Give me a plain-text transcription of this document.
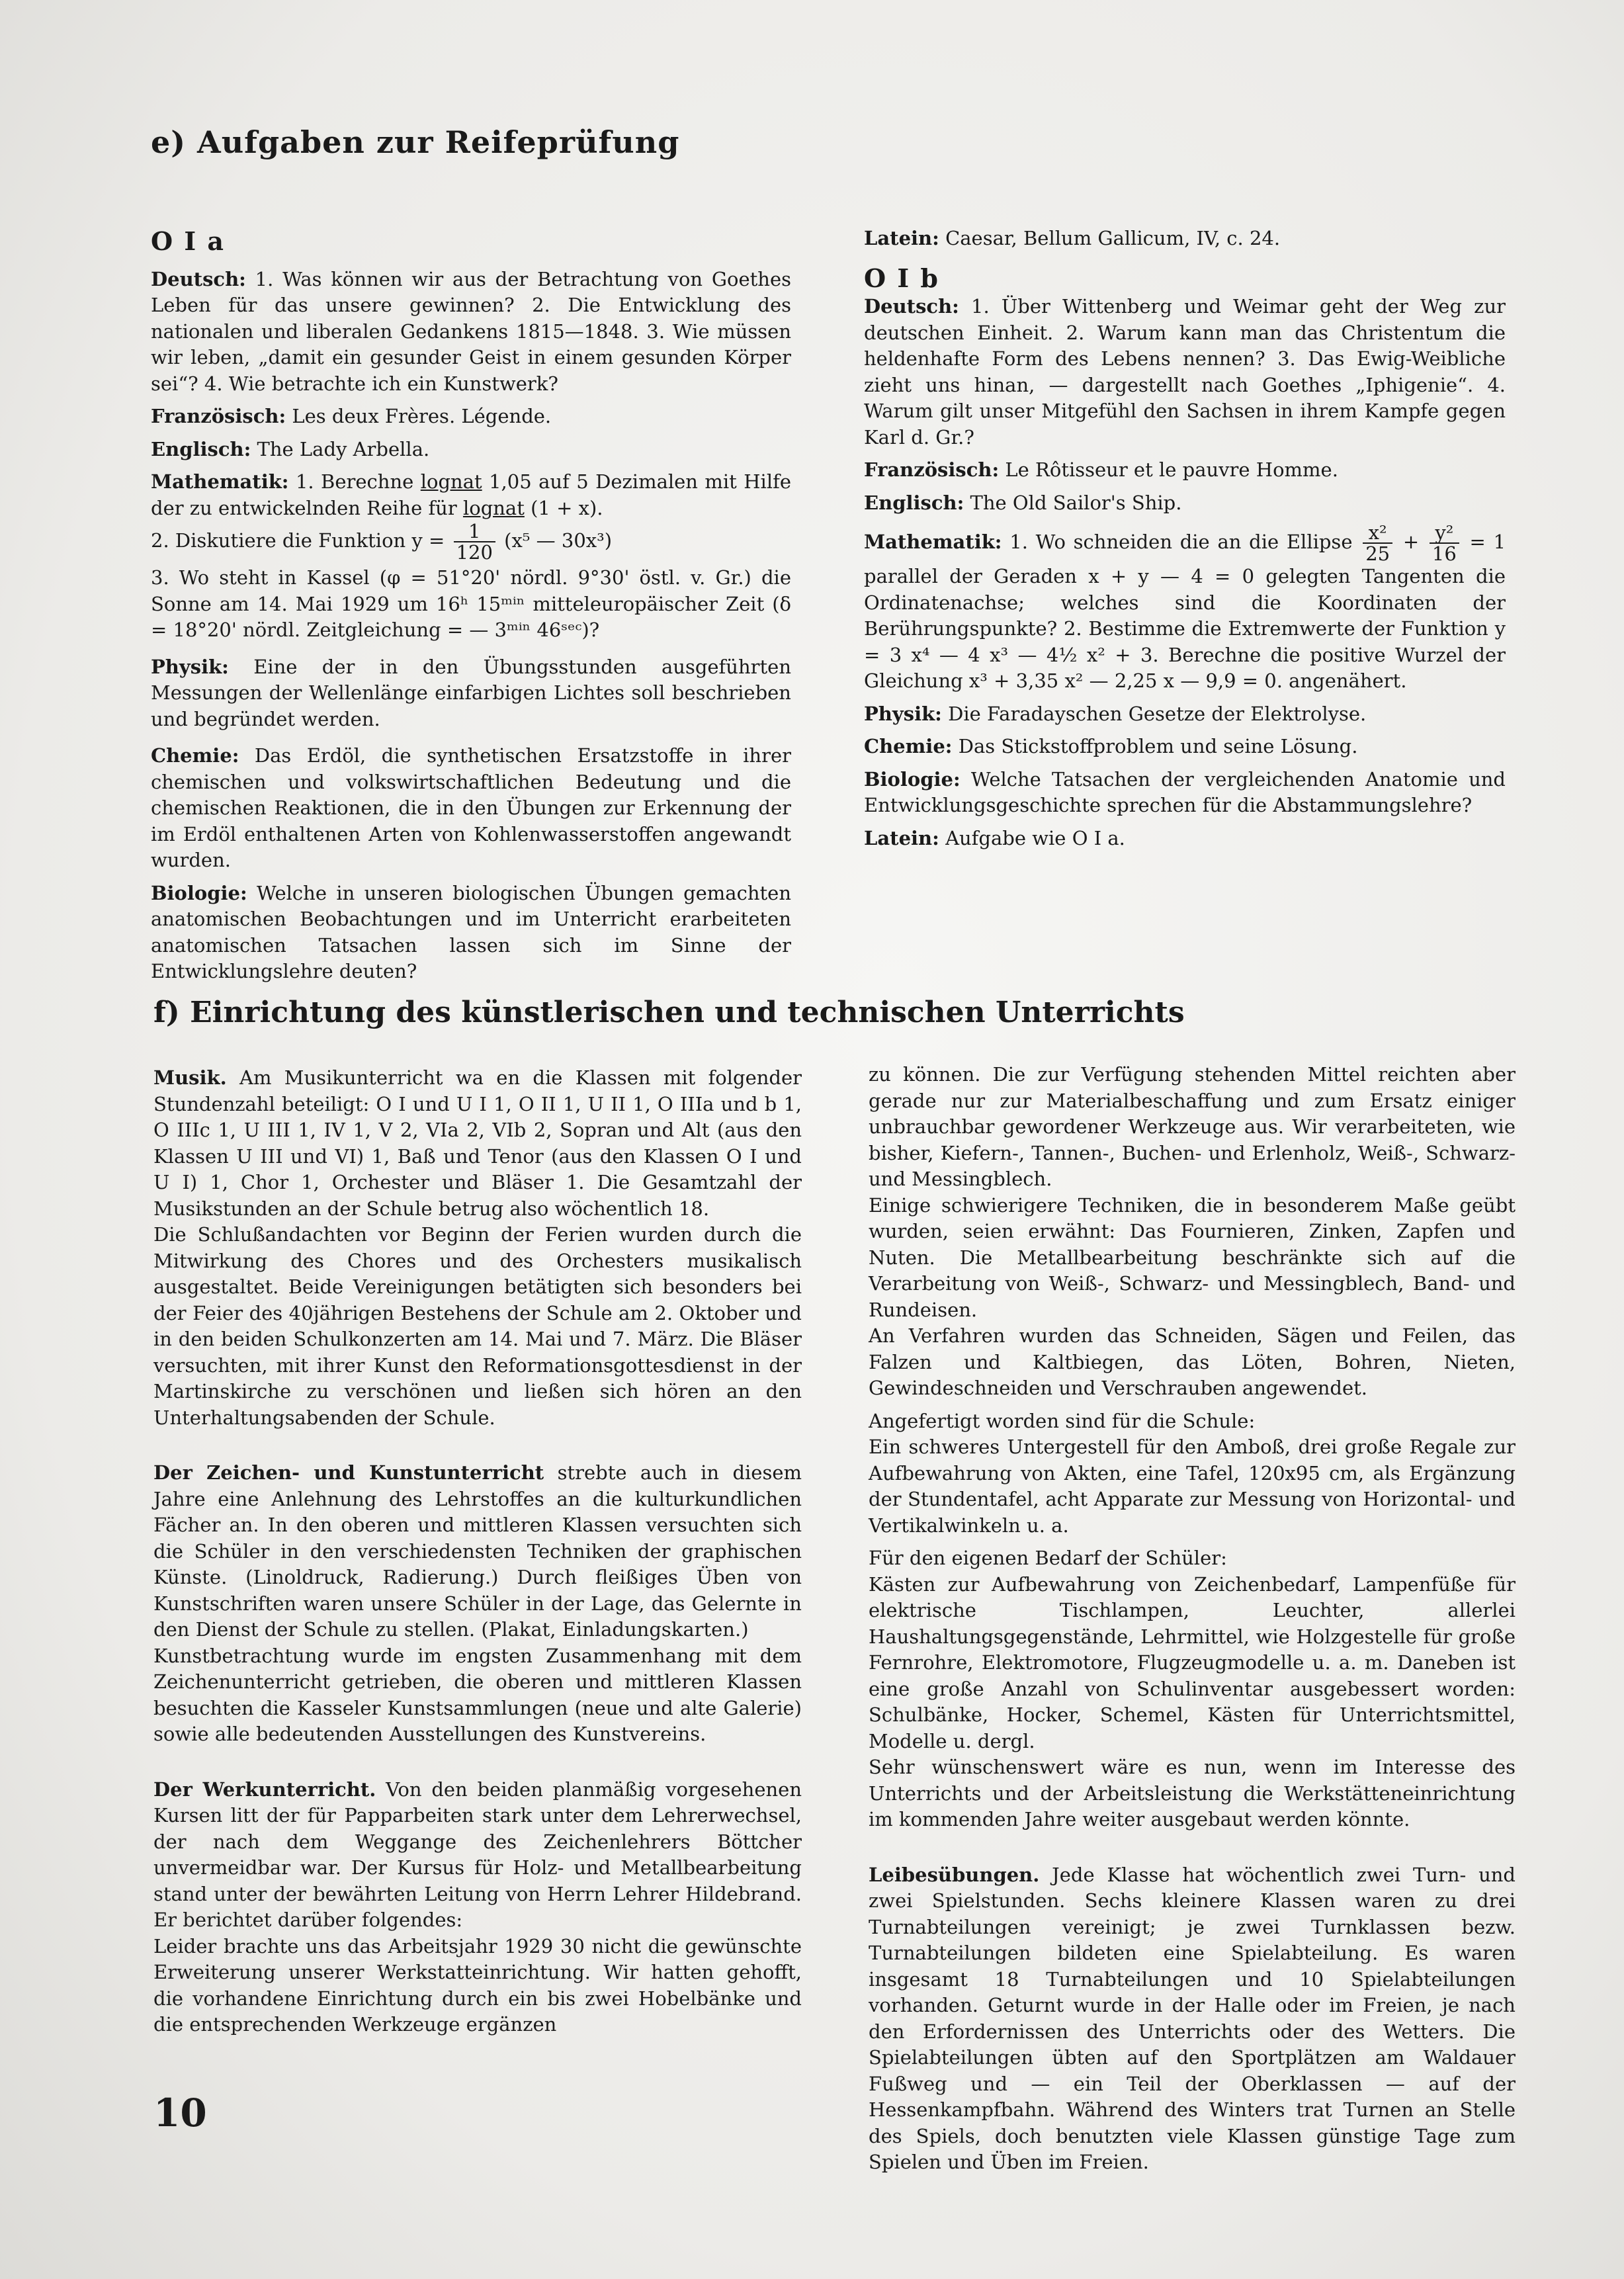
e) Aufgaben zur Reifeprüfung
O I a

Deutsch: 1. Was können wir aus der Betrachtung von Goethes Leben für das unsere gewinnen? 2. Die Entwicklung des nationalen und liberalen Gedankens 1815—1848. 3. Wie müssen wir leben, „damit ein gesunder Geist in einem gesunden Körper sei“? 4. Wie betrachte ich ein Kunstwerk?

Französisch: Les deux Frères. Légende.

Englisch: The Lady Arbella.

Mathematik: 1. Berechne lognat 1,05 auf 5 Dezimalen mit Hilfe der zu entwickelnden Reihe für lognat (1 + x).
2. Diskutiere die Funktion $y = \frac{1}{120} (x^5$ — 30x³)

3. Wo steht in Kassel (φ = 51°20' nördl. 9°30' östl. v. Gr.) die Sonne am 14. Mai 1929 um 16ʰ 15ᵐⁱⁿ mitteleuropäischer Zeit (δ = 18°20' nördl. Zeitgleichung = — 3ᵐⁱⁿ 46ˢᵉᶜ)?

Physik: Eine der in den Übungsstunden ausgeführten Messungen der Wellenlänge einfarbigen Lichtes soll beschrieben und begründet werden.

Chemie: Das Erdöl, die synthetischen Ersatzstoffe in ihrer chemischen und volkswirtschaftlichen Bedeutung und die chemischen Reaktionen, die in den Übungen zur Erkennung der im Erdöl enthaltenen Arten von Kohlenwasserstoffen angewandt wurden.

Biologie: Welche in unseren biologischen Übungen gemachten anatomischen Beobachtungen und im Unterricht erarbeiteten anatomischen Tatsachen lassen sich im Sinne der Entwicklungslehre deuten?

Latein: Caesar, Bellum Gallicum, IV, c. 24.

O I b

Deutsch: 1. Über Wittenberg und Weimar geht der Weg zur deutschen Einheit. 2. Warum kann man das Christentum die heldenhafte Form des Lebens nennen? 3. Das Ewig-Weibliche zieht uns hinan, — dargestellt nach Goethes „Iphigenie“. 4. Warum gilt unser Mitgefühl den Sachsen in ihrem Kampfe gegen Karl d. Gr.?

Französisch: Le Rôtisseur et le pauvre Homme.

Englisch: The Old Sailor's Ship.

Mathematik: 1. Wo schneiden die an die Ellipse $\frac{\text{x²}}{25} + \frac{\text{y²}}{16} = 1$ parallel der Geraden x + y — 4 = 0 gelegten Tangenten die Ordinatenachse; welches sind die Koordinaten der Berührungspunkte? 2. Bestimme die Extremwerte der Funktion y = 3 x⁴ — 4 x³ — 4½ x² + 3. Berechne die positive Wurzel der Gleichung x³ + 3,35 x² — 2,25 x — 9,9 = 0. angenähert.

Physik: Die Faradayschen Gesetze der Elektrolyse.

Chemie: Das Stickstoffproblem und seine Lösung.

Biologie: Welche Tatsachen der vergleichenden Anatomie und Entwicklungsgeschichte sprechen für die Abstammungslehre?

Latein: Aufgabe wie O I a.

f) Einrichtung des künstlerischen und technischen Unterrichts

Musik. Am Musikunterricht wa en die Klassen mit folgender Stundenzahl beteiligt: O I und U I 1, O II 1, U II 1, O IIIa und b 1, O IIIc 1, U III 1, IV 1, V 2, VIa 2, VIb 2, Sopran und Alt (aus den Klassen U III und VI) 1, Baß und Tenor (aus den Klassen O I und U I) 1, Chor 1, Orchester und Bläser 1. Die Gesamtzahl der Musikstunden an der Schule betrug also wöchentlich 18.

Die Schlußandachten vor Beginn der Ferien wurden durch die Mitwirkung des Chores und des Orchesters musikalisch ausgestaltet. Beide Vereinigungen betätigten sich besonders bei der Feier des 40jährigen Bestehens der Schule am 2. Oktober und in den beiden Schulkonzerten am 14. Mai und 7. März. Die Bläser versuchten, mit ihrer Kunst den Reformationsgottesdienst in der Martinskirche zu verschönen und ließen sich hören an den Unterhaltungsabenden der Schule.

Der Zeichen- und Kunstunterricht strebte auch in diesem Jahre eine Anlehnung des Lehrstoffes an die kulturkundlichen Fächer an. In den oberen und mittleren Klassen versuchten sich die Schüler in den verschiedensten Techniken der graphischen Künste. (Linoldruck, Radierung.) Durch fleißiges Üben von Kunstschriften waren unsere Schüler in der Lage, das Gelernte in den Dienst der Schule zu stellen. (Plakat, Einladungskarten.)

Kunstbetrachtung wurde im engsten Zusammenhang mit dem Zeichenunterricht getrieben, die oberen und mittleren Klassen besuchten die Kasseler Kunstsammlungen (neue und alte Galerie) sowie alle bedeutenden Ausstellungen des Kunstvereins.

Der Werkunterricht. Von den beiden planmäßig vorgesehenen Kursen litt der für Papparbeiten stark unter dem Lehrerwechsel, der nach dem Weggange des Zeichenlehrers Böttcher unvermeidbar war. Der Kursus für Holz- und Metallbearbeitung stand unter der bewährten Leitung von Herrn Lehrer Hildebrand. Er berichtet darüber folgendes:

Leider brachte uns das Arbeitsjahr 1929 30 nicht die gewünschte Erweiterung unserer Werkstatteinrichtung. Wir hatten gehofft, die vorhandene Einrichtung durch ein bis zwei Hobelbänke und die entsprechenden Werkzeuge ergänzen

zu können. Die zur Verfügung stehenden Mittel reichten aber gerade nur zur Materialbeschaffung und zum Ersatz einiger unbrauchbar gewordener Werkzeuge aus. Wir verarbeiteten, wie bisher, Kiefern-, Tannen-, Buchen- und Erlenholz, Weiß-, Schwarz- und Messingblech.

Einige schwierigere Techniken, die in besonderem Maße geübt wurden, seien erwähnt: Das Fournieren, Zinken, Zapfen und Nuten. Die Metallbearbeitung beschränkte sich auf die Verarbeitung von Weiß-, Schwarz- und Messingblech, Band- und Rundeisen.

An Verfahren wurden das Schneiden, Sägen und Feilen, das Falzen und Kaltbiegen, das Löten, Bohren, Nieten, Gewindeschneiden und Verschrauben angewendet.

Angefertigt worden sind für die Schule:

Ein schweres Untergestell für den Amboß, drei große Regale zur Aufbewahrung von Akten, eine Tafel, 120x95 cm, als Ergänzung der Stundentafel, acht Apparate zur Messung von Horizontal- und Vertikalwinkeln u. a.

Für den eigenen Bedarf der Schüler:

Kästen zur Aufbewahrung von Zeichenbedarf, Lampenfüße für elektrische Tischlampen, Leuchter, allerlei Haushaltungsgegenstände, Lehrmittel, wie Holzgestelle für große Fernrohre, Elektromotore, Flugzeugmodelle u. a. m. Daneben ist eine große Anzahl von Schulinventar ausgebessert worden: Schulbänke, Hocker, Schemel, Kästen für Unterrichtsmittel, Modelle u. dergl.

Sehr wünschenswert wäre es nun, wenn im Interesse des Unterrichts und der Arbeitsleistung die Werkstätteneinrichtung im kommenden Jahre weiter ausgebaut werden könnte.

Leibesübungen. Jede Klasse hat wöchentlich zwei Turn- und zwei Spielstunden. Sechs kleinere Klassen waren zu drei Turnabteilungen vereinigt; je zwei Turnklassen bezw. Turnabteilungen bildeten eine Spielabteilung. Es waren insgesamt 18 Turnabteilungen und 10 Spielabteilungen vorhanden. Geturnt wurde in der Halle oder im Freien, je nach den Erfordernissen des Unterrichts oder des Wetters. Die Spielabteilungen übten auf den Sportplätzen am Waldauer Fußweg und — ein Teil der Oberklassen — auf der Hessenkampfbahn. Während des Winters trat Turnen an Stelle des Spiels, doch benutzten viele Klassen günstige Tage zum Spielen und Üben im Freien.

10
